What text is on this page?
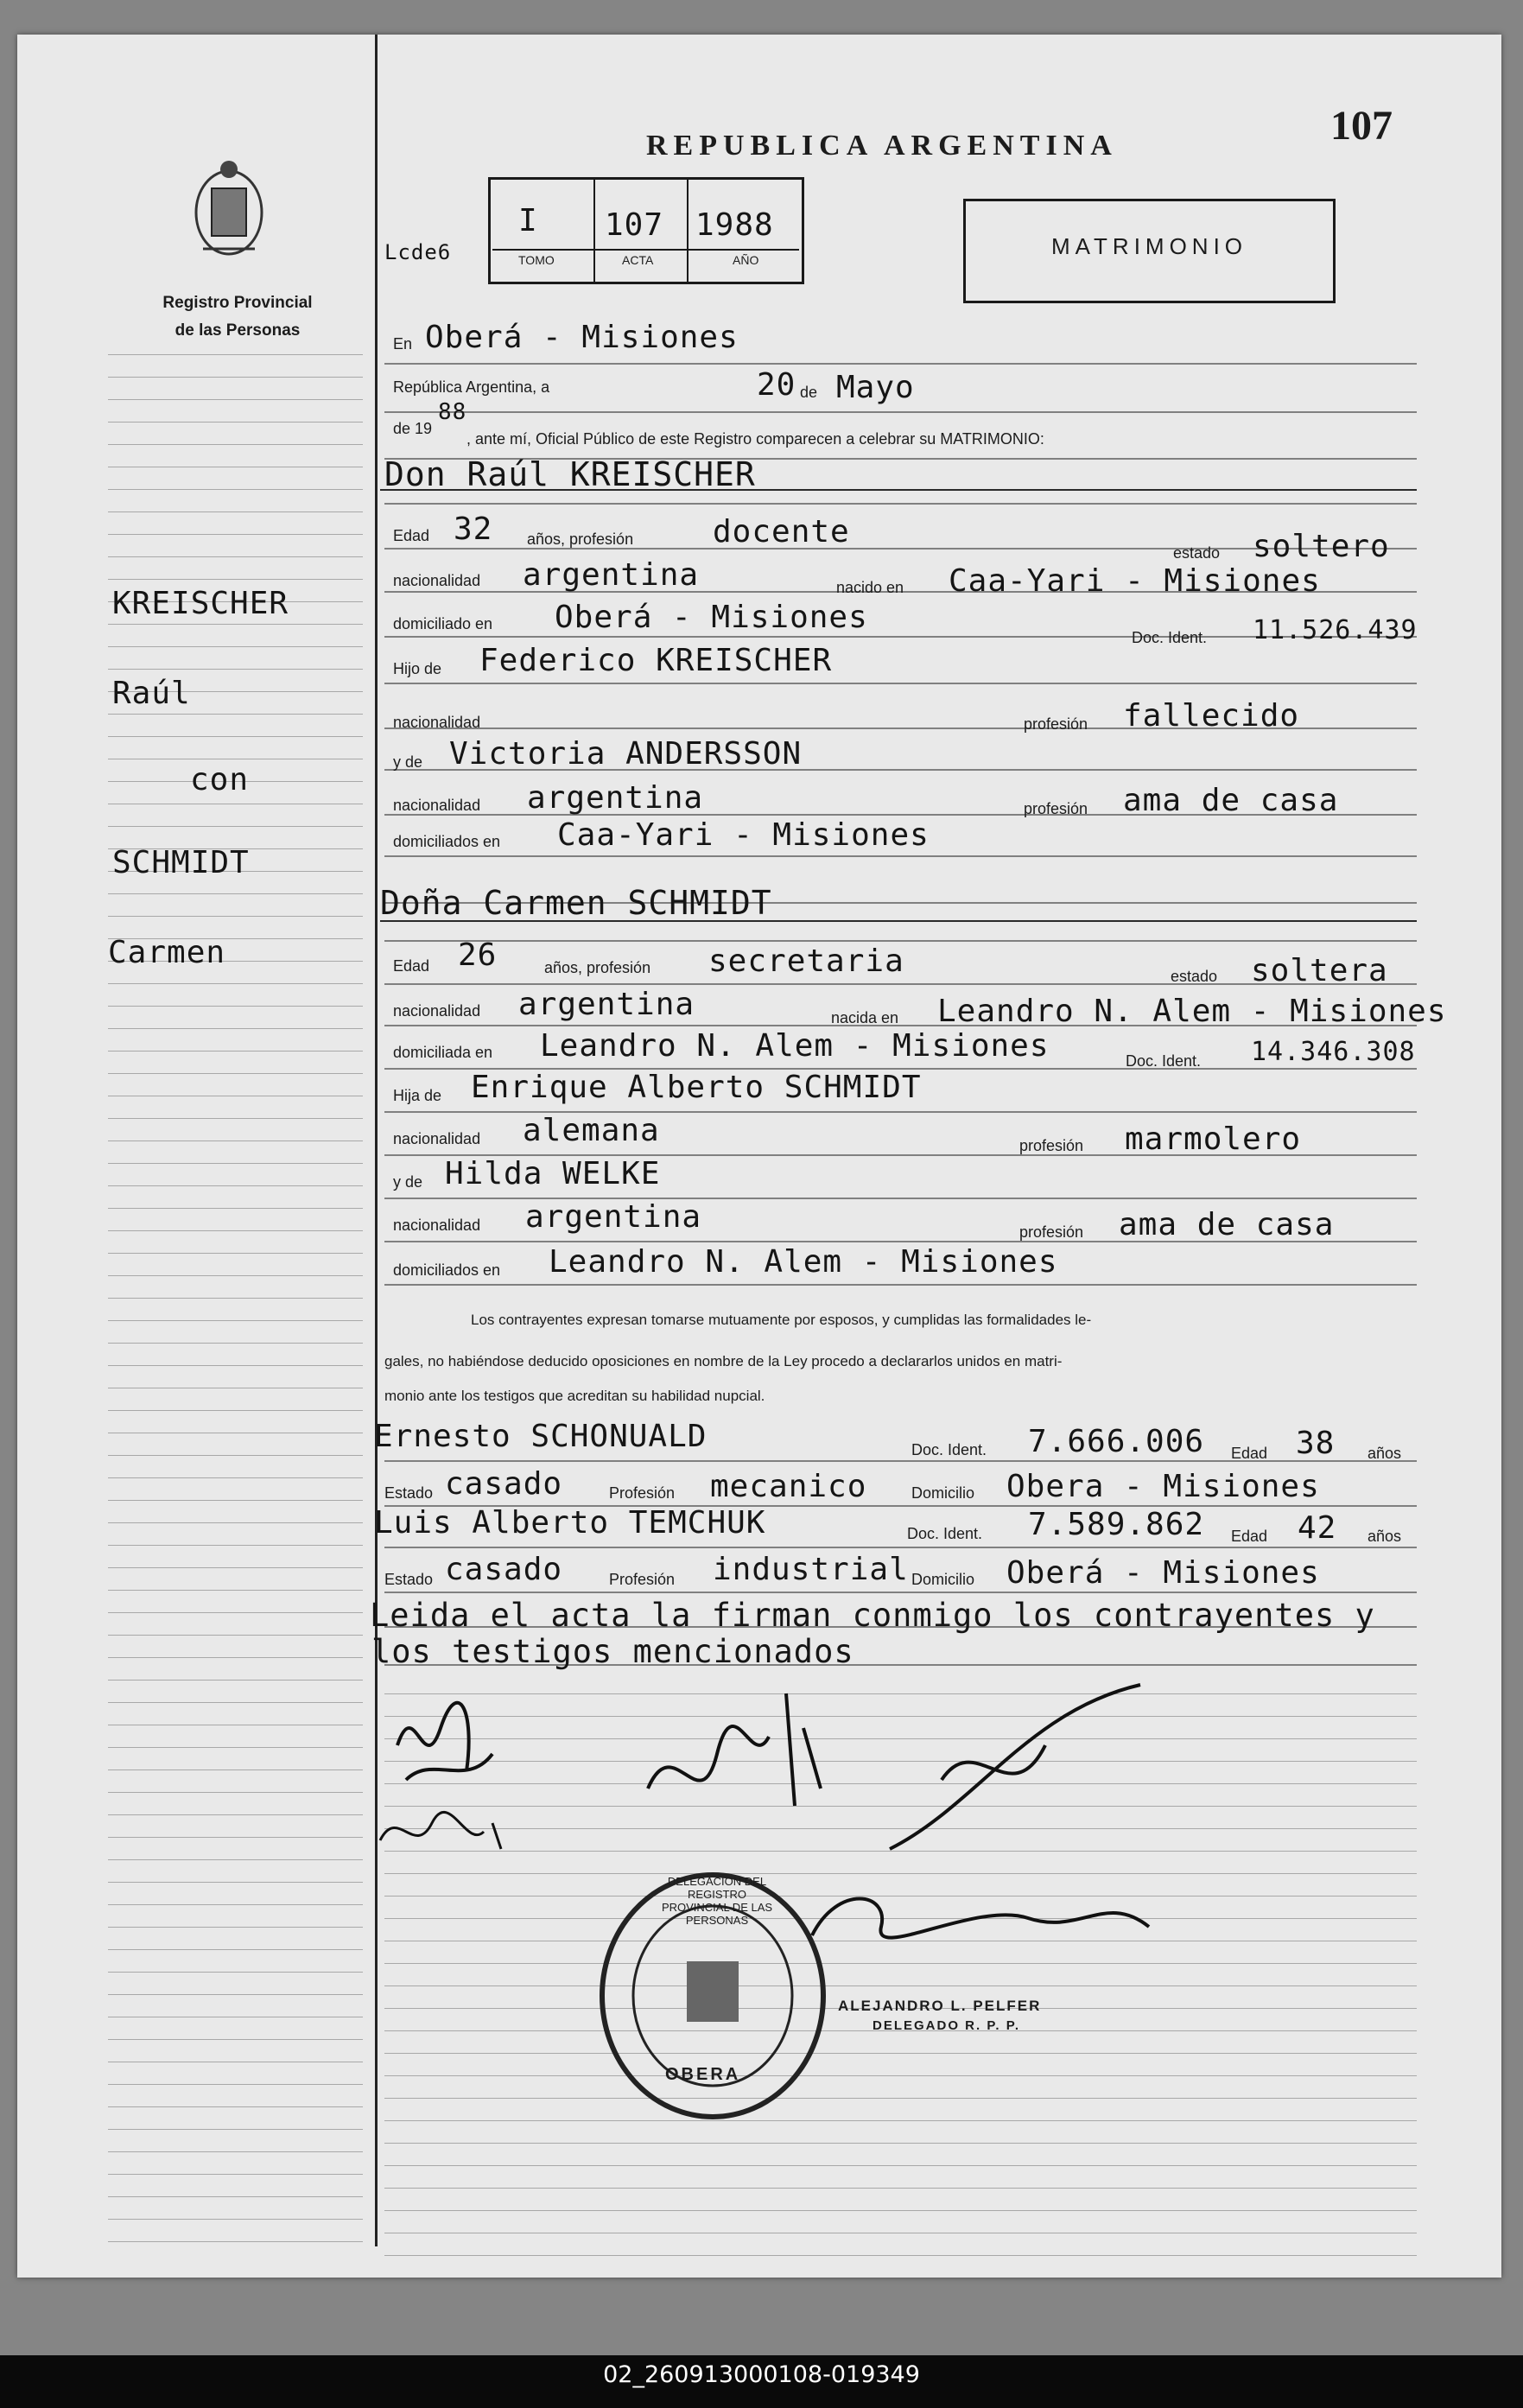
Registro Provincial
de las Personas
KREISCHER
Raúl
con
SCHMIDT
Carmen
REPUBLICA ARGENTINA	107
Lcde6
I 107 1988
TOMO	ACTA	AÑO
MATRIMONIO
En Oberá - Misiones
República Argentina, a	20 de Mayo
de 19
88
, ante mí, Oficial Público de este Registro comparecen a celebrar su MATRIMONIO:
Don Raúl KREISCHER
Edad 32 años, profesión	docente
estado soltero
nacionalidad argentina	nacido en Caa-Yari - Misiones
domiciliado en Oberá - Misiones
Doc. Ident. 11.526.439
Hijo de Federico KREISCHER
nacionalidad	profesión fallecido
y de Victoria ANDERSSON
nacionalidad argentina	profesión ama de casa
domiciliados en Caa-Yari - Misiones
Doña Carmen SCHMIDT
Edad 26	años, profesión secretaria	estado soltera
nacionalidad argentina	nacida en Leandro N. Alem - Misiones
domiciliada en Leandro N. Alem - Misiones	Doc. Ident. 14.346.308
Hija de Enrique Alberto SCHMIDT
nacionalidad alemana	profesión marmolero
y de Hilda WELKE
nacionalidad argentina	profesión ama de casa
domiciliados en Leandro N. Alem - Misiones
Los contrayentes expresan tomarse mutuamente por esposos, y cumplidas las formalidades le-
gales, no habiéndose deducido oposiciones en nombre de la Ley procedo a declararlos unidos en matri-
monio ante los testigos que acreditan su habilidad nupcial.
Ernesto SCHONUALD	Doc. Ident. 7.666.006 Edad 38 años
Estado casado	Profesión mecanico	Domicilio Obera - Misiones
Luis Alberto TEMCHUK	Doc. Ident. 7.589.862 Edad 42 años
Estado casado	Profesión industrial Domicilio Oberá - Misiones
Leida el acta la firman conmigo los contrayentes y
los testigos mencionados
OBERA
DELEGACION DEL REGISTRO PROVINCIAL DE LAS PERSONAS
ALEJANDRO L. PELFER
DELEGADO R. P. P.
02_260913000108-019349
